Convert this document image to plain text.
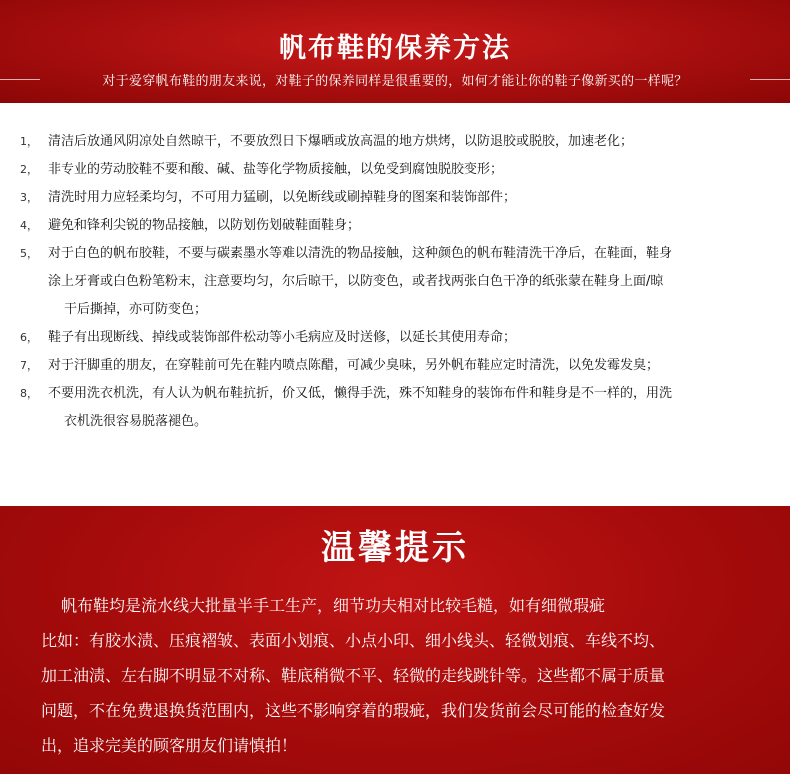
帆布鞋的保养方法
对于爱穿帆布鞋的朋友来说，对鞋子的保养同样是很重要的，如何才能让你的鞋子像新买的一样呢？
1， 清洁后放通风阴凉处自然晾干，不要放烈日下爆晒或放高温的地方烘烤，以防退胶或脱胶，加速老化；
2， 非专业的劳动胶鞋不要和酸、碱、盐等化学物质接触，以免受到腐蚀脱胶变形；
3， 清洗时用力应轻柔均匀，不可用力猛刷，以免断线或刷掉鞋身的图案和装饰部件；
4， 避免和锋利尖锐的物品接触，以防划伤划破鞋面鞋身；
5， 对于白色的帆布胶鞋，不要与碳素墨水等难以清洗的物品接触，这种颜色的帆布鞋清洗干净后，在鞋面，鞋身
涂上牙膏或白色粉笔粉末，注意要均匀，尔后晾干，以防变色，或者找两张白色干净的纸张蒙在鞋身上面/晾
干后撕掉，亦可防变色；
6， 鞋子有出现断线、掉线或装饰部件松动等小毛病应及时送修，以延长其使用寿命；
7， 对于汗脚重的朋友，在穿鞋前可先在鞋内喷点陈醋，可减少臭味，另外帆布鞋应定时清洗，以免发霉发臭；
8， 不要用洗衣机洗，有人认为帆布鞋抗折，价又低，懒得手洗，殊不知鞋身的装饰布件和鞋身是不一样的，用洗
衣机洗很容易脱落褪色。
温馨提示
帆布鞋均是流水线大批量半手工生产，细节功夫相对比较毛糙，如有细微瑕疵
比如：有胶水渍、压痕褶皱、表面小划痕、小点小印、细小线头、轻微划痕、车线不均、
加工油渍、左右脚不明显不对称、鞋底稍微不平、轻微的走线跳针等。这些都不属于质量
问题，不在免费退换货范围内，这些不影响穿着的瑕疵，我们发货前会尽可能的检查好发
出，追求完美的顾客朋友们请慎拍！
